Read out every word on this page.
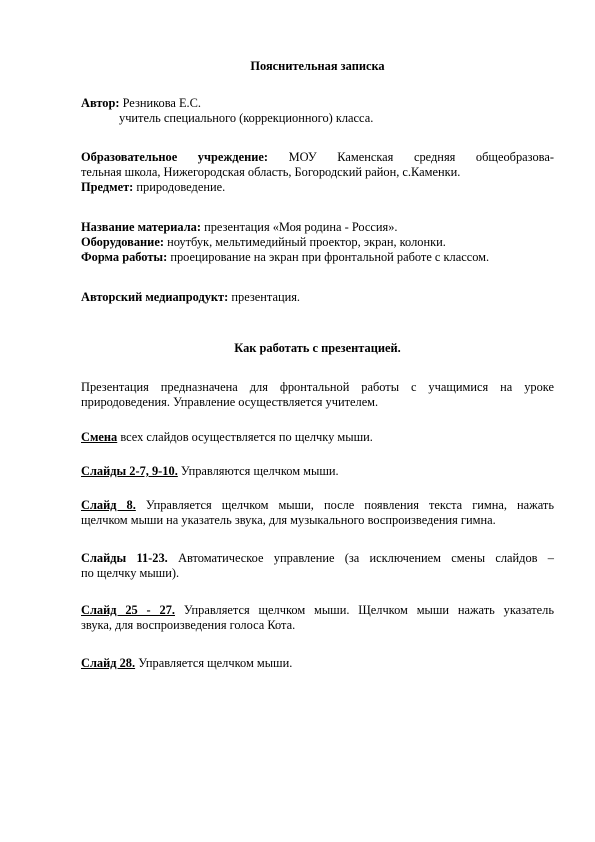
Пояснительная записка

Автор: Резникова Е.С.
учитель специального (коррекционного) класса.

Образовательное учреждение: МОУ Каменская средняя общеобразова-
тельная школа, Нижегородская область, Богородский район, с.Каменки.
Предмет: природоведение.

Название материала: презентация «Моя родина - Россия».
Оборудование: ноутбук, мельтимедийный проектор, экран, колонки.
Форма работы: проецирование на экран при фронтальной работе с классом.

Авторский медиапродукт: презентация.

Как работать с презентацией.

Презентация предназначена для фронтальной работы с учащимися на уроке
природоведения. Управление осуществляется учителем.

Смена всех слайдов осуществляется по щелчку мыши.

Слайды 2-7, 9-10. Управляются щелчком мыши.

Слайд 8. Управляется щелчком мыши, после появления текста гимна, нажать
щелчком мыши на указатель звука, для музыкального воспроизведения гимна.

Слайды 11-23. Автоматическое управление (за исключением смены слайдов –
по щелчку мыши).

Слайд 25 - 27. Управляется щелчком мыши. Щелчком мыши нажать указатель
звука, для воспроизведения голоса Кота.

Слайд 28. Управляется щелчком мыши.
